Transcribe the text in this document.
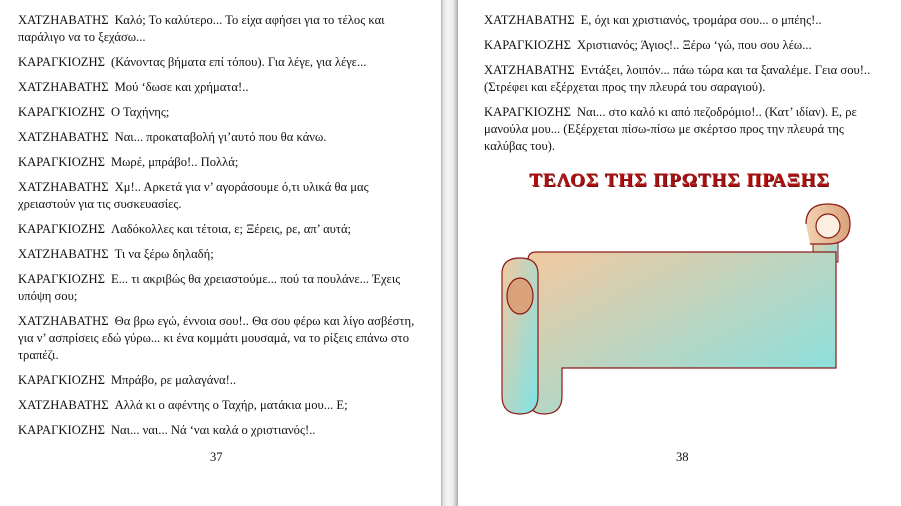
ΧΑΤΖΗΑΒΑΤΗΣ Καλό; Το καλύτερο... Το είχα αφήσει για το τέλος και παράλιγο να το ξεχάσω...

ΚΑΡΑΓΚΙΟΖΗΣ (Κάνοντας βήματα επί τόπου). Για λέγε, για λέγε...

ΧΑΤΖΗΑΒΑΤΗΣ Μού ‘δωσε και χρήματα!..

ΚΑΡΑΓΚΙΟΖΗΣ Ο Ταχήνης;

ΧΑΤΖΗΑΒΑΤΗΣ Ναι... προκαταβολή γι’αυτό που θα κάνω.

ΚΑΡΑΓΚΙΟΖΗΣ Μωρέ, μπράβο!.. Πολλά;

ΧΑΤΖΗΑΒΑΤΗΣ Χμ!.. Αρκετά για ν’ αγοράσουμε ό,τι υλικά θα μας χρειαστούν για τις συσκευασίες.

ΚΑΡΑΓΚΙΟΖΗΣ Λαδόκολλες και τέτοια, ε; Ξέρεις, ρε, απ’ αυτά;

ΧΑΤΖΗΑΒΑΤΗΣ Τι να ξέρω δηλαδή;

ΚΑΡΑΓΚΙΟΖΗΣ Ε... τι ακριβώς θα χρειαστούμε... πού τα πουλάνε... Έχεις υπόψη σου;

ΧΑΤΖΗΑΒΑΤΗΣ Θα βρω εγώ, έννοια σου!.. Θα σου φέρω και λίγο ασβέστη, για ν’ ασπρίσεις εδώ γύρω... κι ένα κομμάτι μουσαμά, να το ρίξεις επάνω στο τραπέζι.

ΚΑΡΑΓΚΙΟΖΗΣ Μπράβο, ρε μαλαγάνα!..

ΧΑΤΖΗΑΒΑΤΗΣ Αλλά κι ο αφέντης ο Ταχήρ, ματάκια μου... Ε;

ΚΑΡΑΓΚΙΟΖΗΣ Ναι... ναι... Νά ‘ναι καλά ο χριστιανός!..

37

ΧΑΤΖΗΑΒΑΤΗΣ Ε, όχι και χριστιανός, τρομάρα σου... ο μπέης!..

ΚΑΡΑΓΚΙΟΖΗΣ Χριστιανός; Άγιος!.. Ξέρω ‘γώ, που σου λέω...

ΧΑΤΖΗΑΒΑΤΗΣ Εντάξει, λοιπόν... πάω τώρα και τα ξαναλέμε. Γεια σου!.. (Στρέφει και εξέρχεται προς την πλευρά του σαραγιού).

ΚΑΡΑΓΚΙΟΖΗΣ Ναι... στο καλό κι από πεζοδρόμιο!.. (Κατ’ ιδίαν). Ε, ρε μανούλα μου... (Εξέρχεται πίσω-πίσω με σκέρτσο προς την πλευρά της καλύβας του).

ΤΕΛΟΣ ΤΗΣ ΠΡΩΤΗΣ ΠΡΑΞΗΣ
38
